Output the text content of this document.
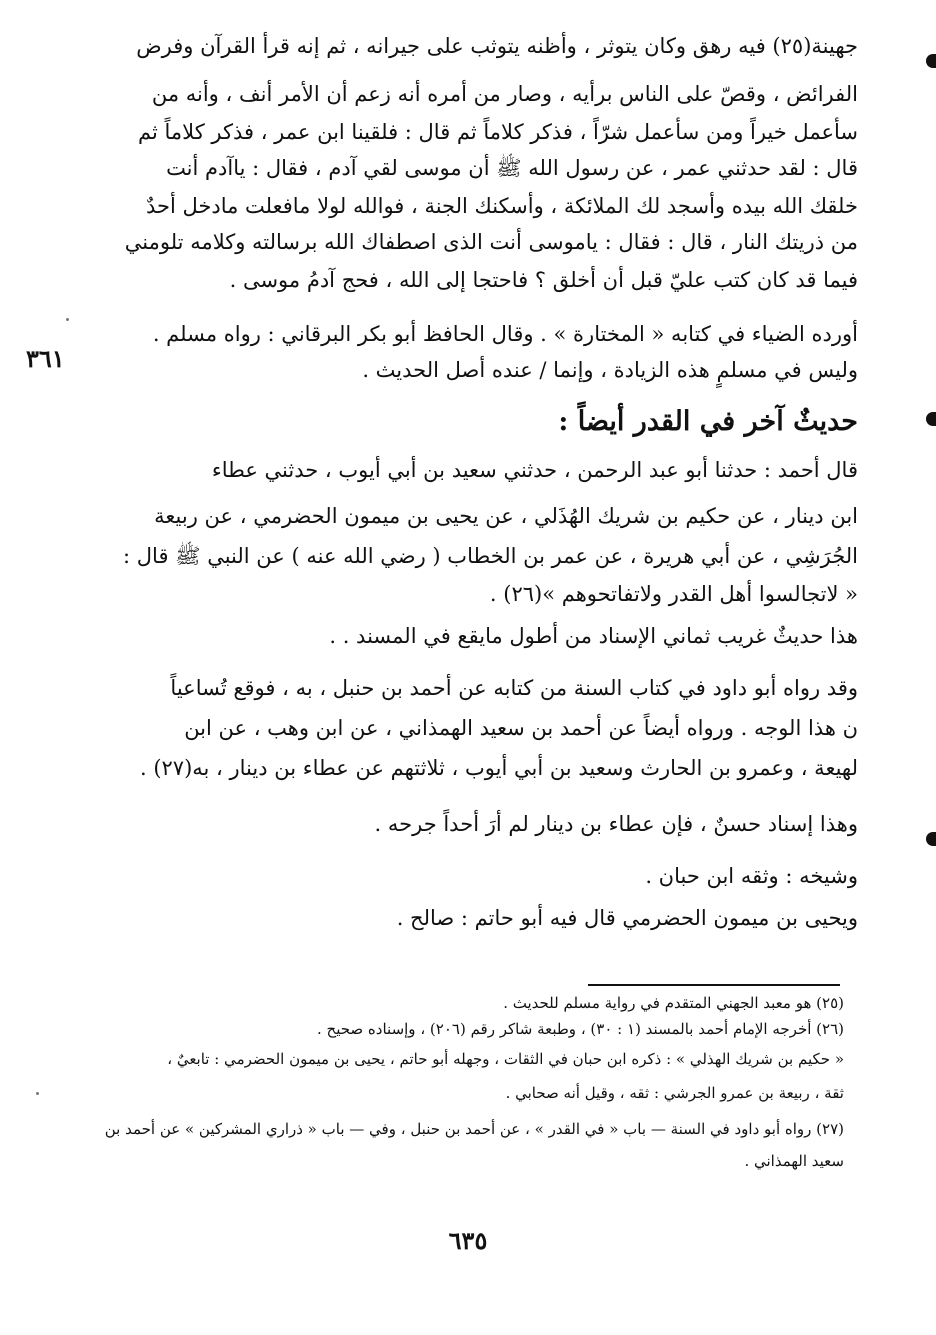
٣٦١
جهينة(٢٥) فيه رهق وكان يتوثر ، وأظنه يتوثب على جيرانه ، ثم إنه قرأ القرآن وفرض
الفرائض ، وقصّ على الناس برأيه ، وصار من أمره أنه زعم أن الأمر أنف ، وأنه من
سأعمل خيراً ومن سأعمل شرّاً ، فذكر كلاماً ثم قال : فلقينا ابن عمر ، فذكر كلاماً ثم
قال : لقد حدثني عمر ، عن رسول الله ﷺ أن موسى لقي آدم ، فقال : ياآدم أنت
خلقك الله بيده وأسجد لك الملائكة ، وأسكنك الجنة ، فوالله لولا مافعلت مادخل أحدٌ
من ذريتك النار ، قال : فقال : ياموسى أنت الذى اصطفاك الله برسالته وكلامه تلومني
فيما قد كان كتب عليّ قبل أن أخلق ؟ فاحتجا إلى الله ، فحج آدمُ موسى .
أورده الضياء في كتابه « المختارة » . وقال الحافظ أبو بكر البرقاني : رواه مسلم .
وليس في مسلمٍ هذه الزيادة ، وإنما / عنده أصل الحديث .
حديثٌ آخر في القدر أيضاً :
قال أحمد : حدثنا أبو عبد الرحمن ، حدثني سعيد بن أبي أيوب ، حدثني عطاء
ابن دينار ، عن حكيم بن شريك الهُذَلي ، عن يحيى بن ميمون الحضرمي ، عن ربيعة
الجُرَشِي ، عن أبي هريرة ، عن عمر بن الخطاب ( رضي الله عنه ) عن النبي ﷺ قال :
« لاتجالسوا أهل القدر ولاتفاتحوهم »(٢٦) .
هذا حديثٌ غريب ثماني الإسناد من أطول مايقع في المسند . .
وقد رواه أبو داود في كتاب السنة من كتابه عن أحمد بن حنبل ، به ، فوقع تُساعياً
ن هذا الوجه . ورواه أيضاً عن أحمد بن سعيد الهمذاني ، عن ابن وهب ، عن ابن
لهيعة ، وعمرو بن الحارث وسعيد بن أبي أيوب ، ثلاثتهم عن عطاء بن دينار ، به(٢٧) .
وهذا إسناد حسنٌ ، فإن عطاء بن دينار لم أرَ أحداً جرحه .
وشيخه : وثقه ابن حبان .
ويحيى بن ميمون الحضرمي قال فيه أبو حاتم : صالح .
(٢٥) هو معبد الجهني المتقدم في رواية مسلم للحديث .
(٢٦) أخرجه الإمام أحمد بالمسند (١ : ٣٠) ، وطبعة شاكر رقم (٢٠٦) ، وإسناده صحيح .
« حكيم بن شريك الهذلي » : ذكره ابن حبان في الثقات ، وجهله أبو حاتم ، يحيى بن ميمون الحضرمي : تابعيٌ ،
ثقة ، ربيعة بن عمرو الجرشي : ثقه ، وقيل أنه صحابي .
(٢٧) رواه أبو داود في السنة — باب « في القدر » ، عن أحمد بن حنبل ، وفي — باب « ذراري المشركين » عن أحمد بن
سعيد الهمذاني .
٦٣٥
